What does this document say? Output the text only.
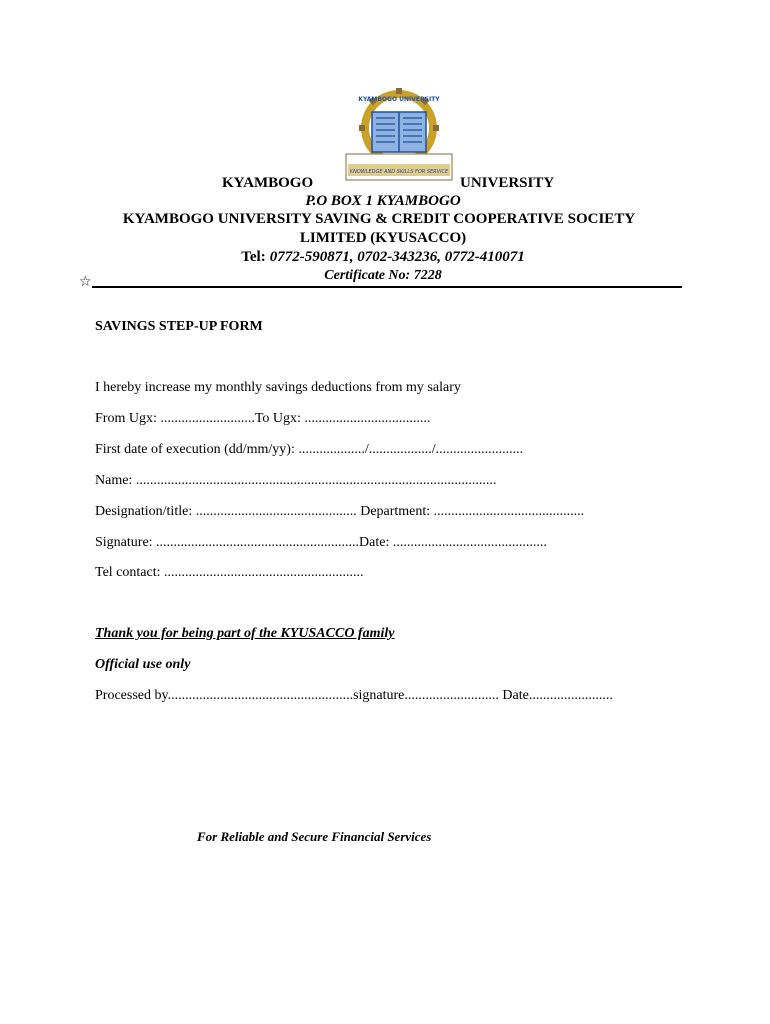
KYAMBOGO UNIVERSITY
KNOWLEDGE AND SKILLS FOR SERVICE
KYAMBOGO	UNIVERSITY
P.O BOX 1 KYAMBOGO
KYAMBOGO UNIVERSITY SAVING & CREDIT COOPERATIVE SOCIETY
LIMITED (KYUSACCO)
Tel: 0772-590871, 0702-343236, 0772-410071
Certificate No: 7228
☆
SAVINGS STEP-UP FORM
I hereby increase my monthly savings deductions from my salary
From Ugx: ...........................To Ugx: ....................................
First date of execution (dd/mm/yy): .................../................../.........................
Name: .......................................................................................................
Designation/title: .............................................. Department: ...........................................
Signature: ..........................................................Date: ............................................
Tel contact: .........................................................
Thank you for being part of the KYUSACCO family
Official use only
Processed by.....................................................signature........................... Date........................
For Reliable and Secure Financial Services
